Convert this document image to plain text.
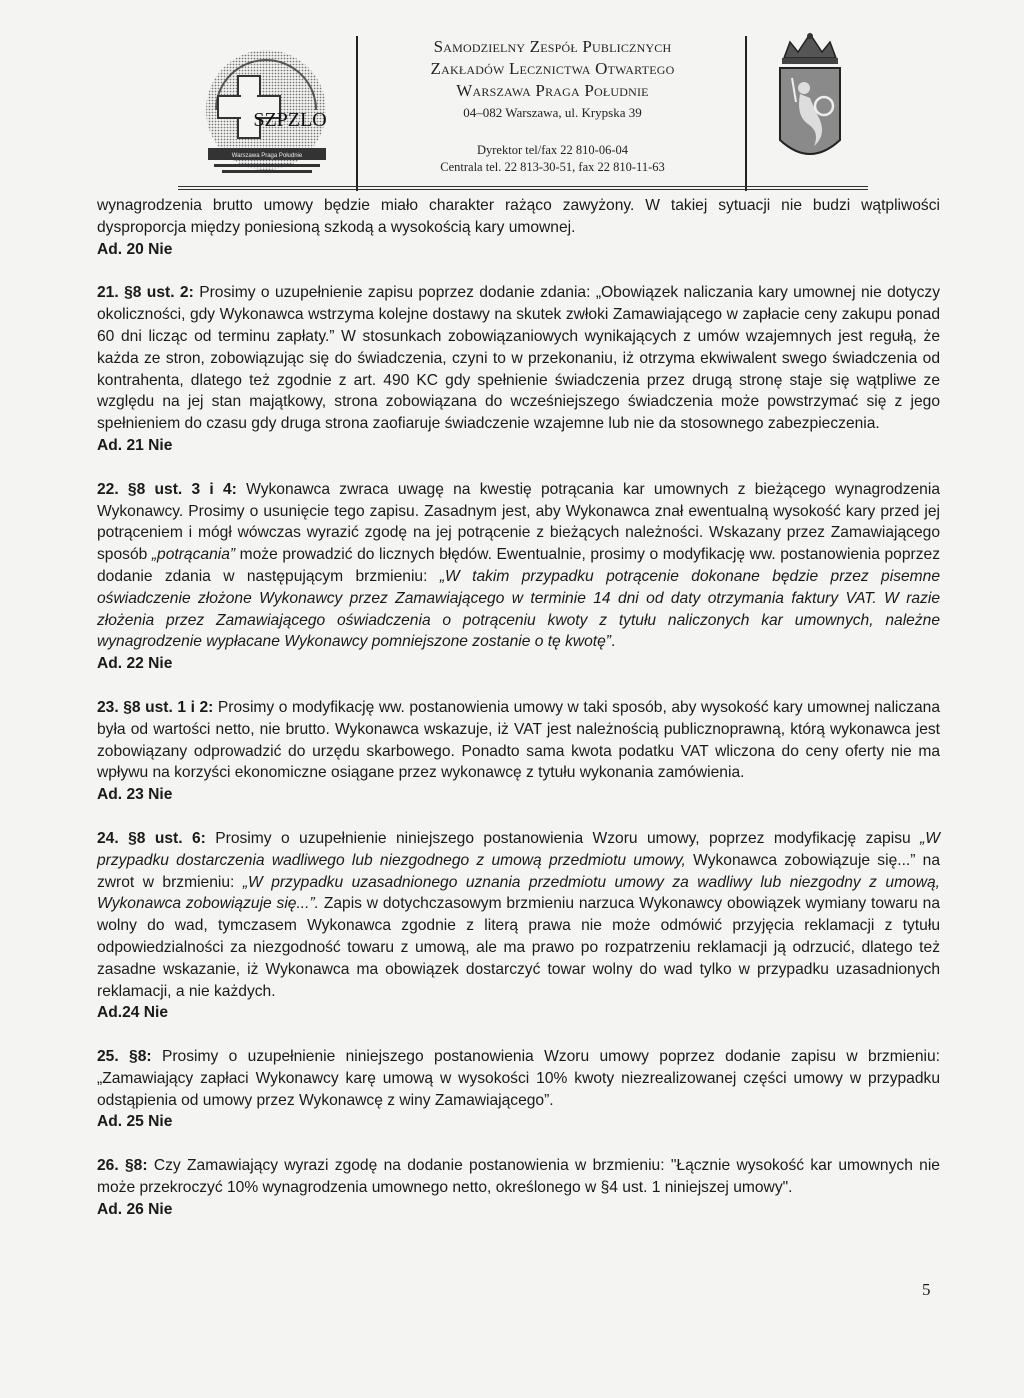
SZPZLO
Warszawa Praga Południe
Samodzielny Zespół Publicznych
Zakładów Lecznictwa Otwartego
Warszawa Praga Południe
04–082 Warszawa, ul. Krypska 39
Dyrektor tel/fax 22 810-06-04
Centrala tel. 22 813-30-51, fax 22 810-11-63

wynagrodzenia brutto umowy będzie miało charakter rażąco zawyżony. W takiej sytuacji nie budzi wątpliwości dysproporcja między poniesioną szkodą a wysokością kary umownej.

Ad. 20 Nie

21. §8 ust. 2: Prosimy o uzupełnienie zapisu poprzez dodanie zdania: „Obowiązek naliczania kary umownej nie dotyczy okoliczności, gdy Wykonawca wstrzyma kolejne dostawy na skutek zwłoki Zamawiającego w zapłacie ceny zakupu ponad 60 dni licząc od terminu zapłaty.” W stosunkach zobowiązaniowych wynikających z umów wzajemnych jest regułą, że każda ze stron, zobowiązując się do świadczenia, czyni to w przekonaniu, iż otrzyma ekwiwalent swego świadczenia od kontrahenta, dlatego też zgodnie z art. 490 KC gdy spełnienie świadczenia przez drugą stronę staje się wątpliwe ze względu na jej stan majątkowy, strona zobowiązana do wcześniejszego świadczenia może powstrzymać się z jego spełnieniem do czasu gdy druga strona zaofiaruje świadczenie wzajemne lub nie da stosownego zabezpieczenia.

Ad. 21 Nie

22. §8 ust. 3 i 4: Wykonawca zwraca uwagę na kwestię potrącania kar umownych z bieżącego wynagrodzenia Wykonawcy. Prosimy o usunięcie tego zapisu. Zasadnym jest, aby Wykonawca znał ewentualną wysokość kary przed jej potrąceniem i mógł wówczas wyrazić zgodę na jej potrącenie z bieżących należności. Wskazany przez Zamawiającego sposób „potrącania” może prowadzić do licznych błędów. Ewentualnie, prosimy o modyfikację ww. postanowienia poprzez dodanie zdania w następującym brzmieniu: „W takim przypadku potrącenie dokonane będzie przez pisemne oświadczenie złożone Wykonawcy przez Zamawiającego w terminie 14 dni od daty otrzymania faktury VAT. W razie złożenia przez Zamawiającego oświadczenia o potrąceniu kwoty z tytułu naliczonych kar umownych, należne wynagrodzenie wypłacane Wykonawcy pomniejszone zostanie o tę kwotę”.

Ad. 22 Nie

23. §8 ust. 1 i 2: Prosimy o modyfikację ww. postanowienia umowy w taki sposób, aby wysokość kary umownej naliczana była od wartości netto, nie brutto. Wykonawca wskazuje, iż VAT jest należnością publicznoprawną, którą wykonawca jest zobowiązany odprowadzić do urzędu skarbowego. Ponadto sama kwota podatku VAT wliczona do ceny oferty nie ma wpływu na korzyści ekonomiczne osiągane przez wykonawcę z tytułu wykonania zamówienia.

Ad. 23 Nie

24. §8 ust. 6: Prosimy o uzupełnienie niniejszego postanowienia Wzoru umowy, poprzez modyfikację zapisu „W przypadku dostarczenia wadliwego lub niezgodnego z umową przedmiotu umowy, Wykonawca zobowiązuje się...” na zwrot w brzmieniu: „W przypadku uzasadnionego uznania przedmiotu umowy za wadliwy lub niezgodny z umową, Wykonawca zobowiązuje się...”. Zapis w dotychczasowym brzmieniu narzuca Wykonawcy obowiązek wymiany towaru na wolny do wad, tymczasem Wykonawca zgodnie z literą prawa nie może odmówić przyjęcia reklamacji z tytułu odpowiedzialności za niezgodność towaru z umową, ale ma prawo po rozpatrzeniu reklamacji ją odrzucić, dlatego też zasadne wskazanie, iż Wykonawca ma obowiązek dostarczyć towar wolny do wad tylko w przypadku uzasadnionych reklamacji, a nie każdych.

Ad.24 Nie

25. §8: Prosimy o uzupełnienie niniejszego postanowienia Wzoru umowy poprzez dodanie zapisu w brzmieniu: „Zamawiający zapłaci Wykonawcy karę umową w wysokości 10% kwoty niezrealizowanej części umowy w przypadku odstąpienia od umowy przez Wykonawcę z winy Zamawiającego”.

Ad. 25 Nie

26. §8: Czy Zamawiający wyrazi zgodę na dodanie postanowienia w brzmieniu: "Łącznie wysokość kar umownych nie może przekroczyć 10% wynagrodzenia umownego netto, określonego w §4 ust. 1 niniejszej umowy".

Ad. 26 Nie

5
